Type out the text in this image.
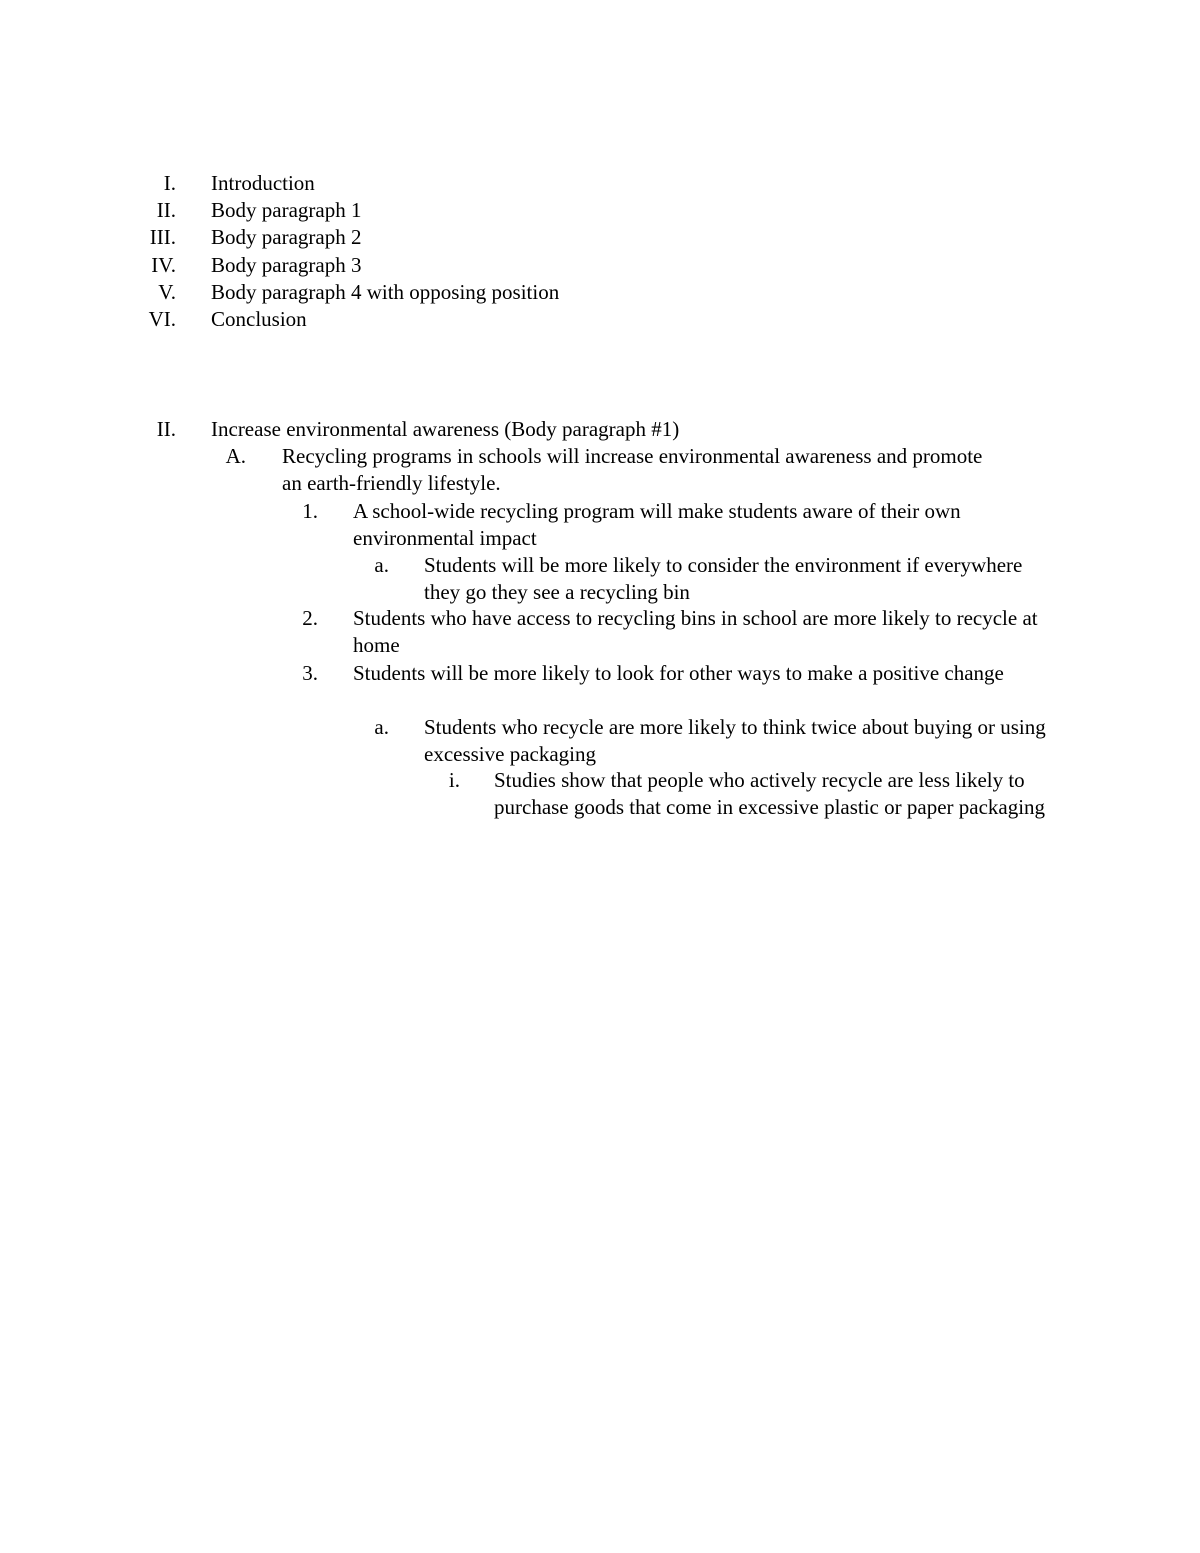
I. Introduction
II. Body paragraph 1
III. Body paragraph 2
IV. Body paragraph 3
V. Body paragraph 4 with opposing position
VI. Conclusion
II. Increase environmental awareness (Body paragraph #1)
A. Recycling programs in schools will increase environmental awareness and promote an earth-friendly lifestyle.
1. A school-wide recycling program will make students aware of their own environmental impact
a. Students will be more likely to consider the environment if everywhere they go they see a recycling bin
2. Students who have access to recycling bins in school are more likely to recycle at home
3. Students will be more likely to look for other ways to make a positive change
a. Students who recycle are more likely to think twice about buying or using excessive packaging
i. Studies show that people who actively recycle are less likely to purchase goods that come in excessive plastic or paper packaging
